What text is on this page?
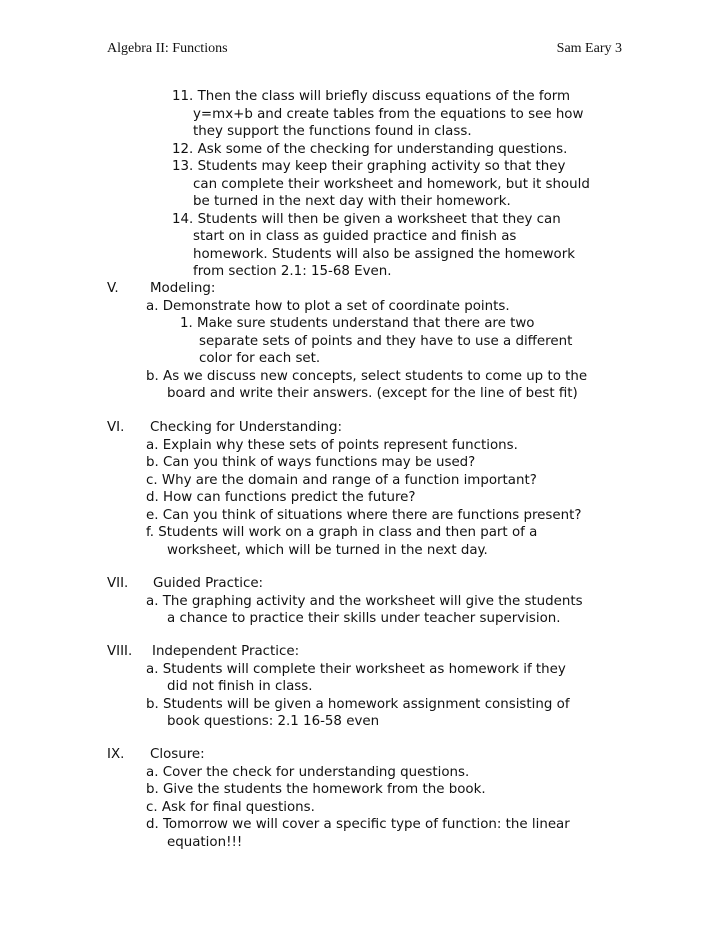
Algebra II: Functions	Sam Eary 3
11. Then the class will briefly discuss equations of the form
y=mx+b and create tables from the equations to see how
they support the functions found in class.
12. Ask some of the checking for understanding questions.
13. Students may keep their graphing activity so that they
can complete their worksheet and homework, but it should
be turned in the next day with their homework.
14. Students will then be given a worksheet that they can
start on in class as guided practice and finish as
homework. Students will also be assigned the homework
from section 2.1: 15-68 Even.
V. Modeling:
a. Demonstrate how to plot a set of coordinate points.
1. Make sure students understand that there are two
separate sets of points and they have to use a different
color for each set.
b. As we discuss new concepts, select students to come up to the
board and write their answers. (except for the line of best fit)
VI. Checking for Understanding:
a. Explain why these sets of points represent functions.
b. Can you think of ways functions may be used?
c. Why are the domain and range of a function important?
d. How can functions predict the future?
e. Can you think of situations where there are functions present?
f. Students will work on a graph in class and then part of a
worksheet, which will be turned in the next day.
VII. Guided Practice:
a. The graphing activity and the worksheet will give the students
a chance to practice their skills under teacher supervision.
VIII. Independent Practice:
a. Students will complete their worksheet as homework if they
did not finish in class.
b. Students will be given a homework assignment consisting of
book questions: 2.1 16-58 even
IX. Closure:
a. Cover the check for understanding questions.
b. Give the students the homework from the book.
c. Ask for final questions.
d. Tomorrow we will cover a specific type of function: the linear
equation!!!
